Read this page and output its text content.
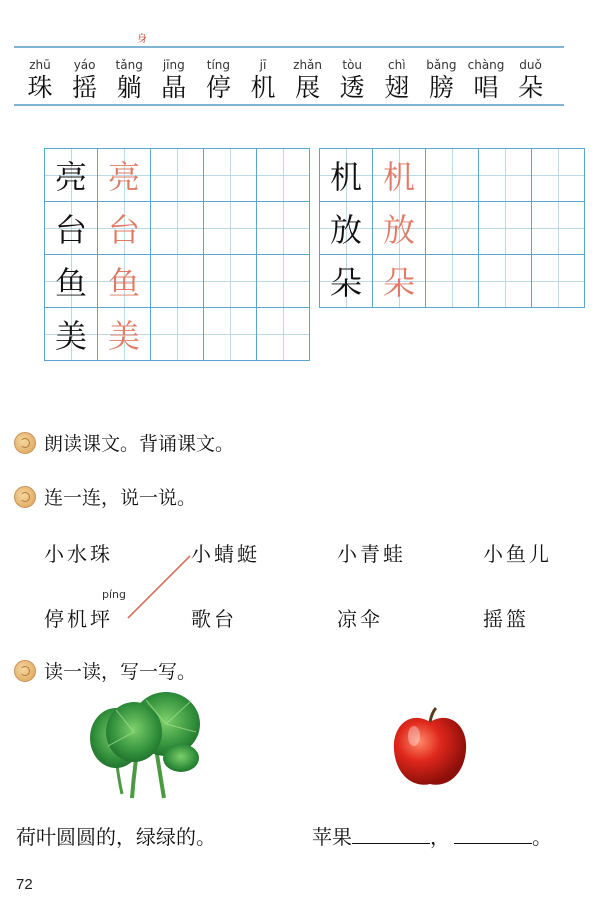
身
zhū
珠
yáo
摇
tǎng
躺
jīng
晶
tíng
停
jī
机
zhǎn
展
tòu
透
chì
翅
bǎng
膀
chàng
唱
duǒ
朵
亮	亮			
台	台			
鱼	鱼			
美	美			
机	机			
放	放			
朵	朵			
朗读课文。背诵课文。
连一连，说一说。
小水珠	小蜻蜓	小青蛙	小鱼儿
píng
停机坪	歌台	凉伞	摇篮
读一读，写一写。
荷叶圆圆的，绿绿的。	苹果	，	。
72
